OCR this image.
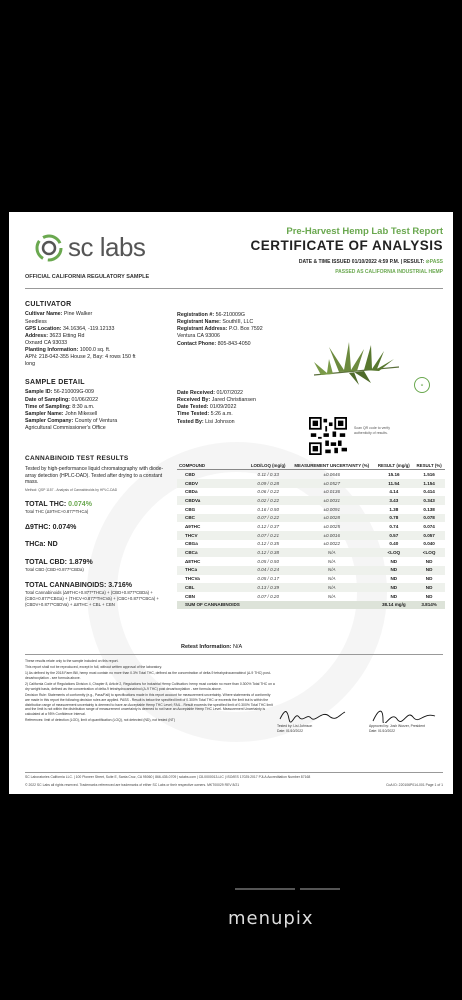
sc labs
OFFICIAL CALIFORNIA REGULATORY SAMPLE
Pre-Harvest Hemp Lab Test Report
CERTIFICATE OF ANALYSIS
DATE & TIME ISSUED 01/10/2022 4:59 P.M. | RESULT: ⊘PASS
PASSED AS CALIFORNIA INDUSTRIAL HEMP
CULTIVATOR
Cultivar Name: Pine Walker
Seedless
GPS Location: 34.16364, -119.12133
Address: 3623 Etting Rd
Oxnard CA 93033
Planting Information: 1000.0 sq. ft.
APN: 218-042-355 House 2, Bay: 4 rows 150 ft
long
Registration #: 56-210009G
Registrant Name: SouthIII, LLC
Registrant Address: P.O. Box 7592
Ventura CA 93006
Contact Phone: 805-843-4050
❀
SAMPLE DETAIL
Sample ID: 56-210009G-009
Date of Sampling: 01/06/2022
Time of Sampling: 8:30 a.m.
Sampler Name: John Mikesell
Sampler Company: County of Ventura
Agricultural Commissioner's Office
Date Received: 01/07/2022
Received By: Jared Christiansen
Date Tested: 01/09/2022
Time Tested: 5:26 a.m.
Tested By: Lisi Johnson
Scan QR code to verify authenticity of results.
CANNABINOID TEST RESULTS
Tested by high-performance liquid chromatography with diode-array detection (HPLC-DAD). Tested after drying to a constant mass.
Method: QSP 1157 - Analysis of Cannabinoids by HPLC-DAD
TOTAL THC: 0.074%
Total THC (Δ9THC+0.877*THCa)
Δ9THC: 0.074%
THCa: ND
TOTAL CBD: 1.879%
Total CBD (CBD+0.877*CBDa)
TOTAL CANNABINOIDS: 3.716%
Total Cannabinoids (Δ9THC+0.877*THCa) + (CBD+0.877*CBDa) + (CBG+0.877*CBGa) + (THCV+0.877*THCVa) + (CBC+0.877*CBCa) + (CBDV+0.877*CBDVa) + Δ8THC + CBL + CBN
COMPOUND	LOD/LOQ (mg/g)	MEASUREMENT UNCERTAINTY (%)	RESULT (mg/g)	RESULT (%)
CBD	0.11 / 0.33	±0.0646	15.16	1.516
CBDV	0.09 / 0.28	±0.0527	11.54	1.154
CBDa	0.06 / 0.22	±0.0136	4.14	0.414
CBDVa	0.02 / 0.22	±0.0031	3.43	0.343
CBG	0.16 / 0.50	±0.0091	1.38	0.138
CBC	0.07 / 0.22	±0.0028	0.78	0.078
Δ9THC	0.12 / 0.37	±0.0025	0.74	0.074
THCV	0.07 / 0.21	±0.0016	0.57	0.057
CBGa	0.12 / 0.35	±0.0022	0.40	0.040
CBCa	0.12 / 0.38	N/A	<LOQ	<LOQ
Δ8THC	0.05 / 0.50	N/A	ND	ND
THCa	0.04 / 0.24	N/A	ND	ND
THCVa	0.05 / 0.17	N/A	ND	ND
CBL	0.13 / 0.39	N/A	ND	ND
CBN	0.07 / 0.20	N/A	ND	ND
SUM OF CANNABINOIDS			38.14 mg/g	3.814%
Retest Information: N/A
These results relate only to the sample included on this report.
This report shall not be reproduced, except in full, without written approval of the laboratory.
1) As defined by the 2018 Farm Bill, hemp must contain no more than 0.3% Total THC, defined as the concentration of delta-9 tetrahydrocannabinol (Δ-9 THC) post-decarboxylation - see formula above.
2) California Code of Regulations Division 4, Chapter 8, Article 2, Regulations for Industrial Hemp Cultivation: hemp must contain no more than 0.300% Total THC on a dry weight basis, defined as the concentration of delta-9 tetrahydrocannabinol (Δ-9 THC) post decarboxylation - see formula above.
Decision Rule: Statements of conformity (e.g., Pass/Fail) to specifications made in this report account for measurement uncertainty. Where statements of conformity are made in this report the following decision rules are applied. PASS - Result is below the specified limit of 0.300% Total THC or exceeds the limit but is within the distribution range of measurement uncertainty is deemed to have an Acceptable Hemp THC Level; FAIL - Result exceeds the specified limit of 0.300% Total THC limit and the limit is not within the distribution range of measurement uncertainty is deemed to not have an Acceptable Hemp THC Level. Measurement Uncertainty is calculated at a 95% Confidence Interval.
References: limit of detection (LOD), limit of quantification (LOQ), not detected (ND), not tested (NT)
Tested by: Lisi Johnson
Date: 01/10/2022
Approved by: Josh Wurzer, President
Date: 01/10/2022
SC Laboratories California LLC. | 100 Pioneer Street, Suite E, Santa Cruz, CA 95060 | 866-435-0709 | sclabs.com | C8-0000013-LIC | ISO/IES 17025:2017 PJLA Accreditation Number 87168
© 2022 SC Labs all rights reserved. Trademarks referenced are trademarks of either SC Labs or their respective owners. MKT00029 REV 8/21	CoA ID: 220106P014-001 Page 1 of 1
menupix
